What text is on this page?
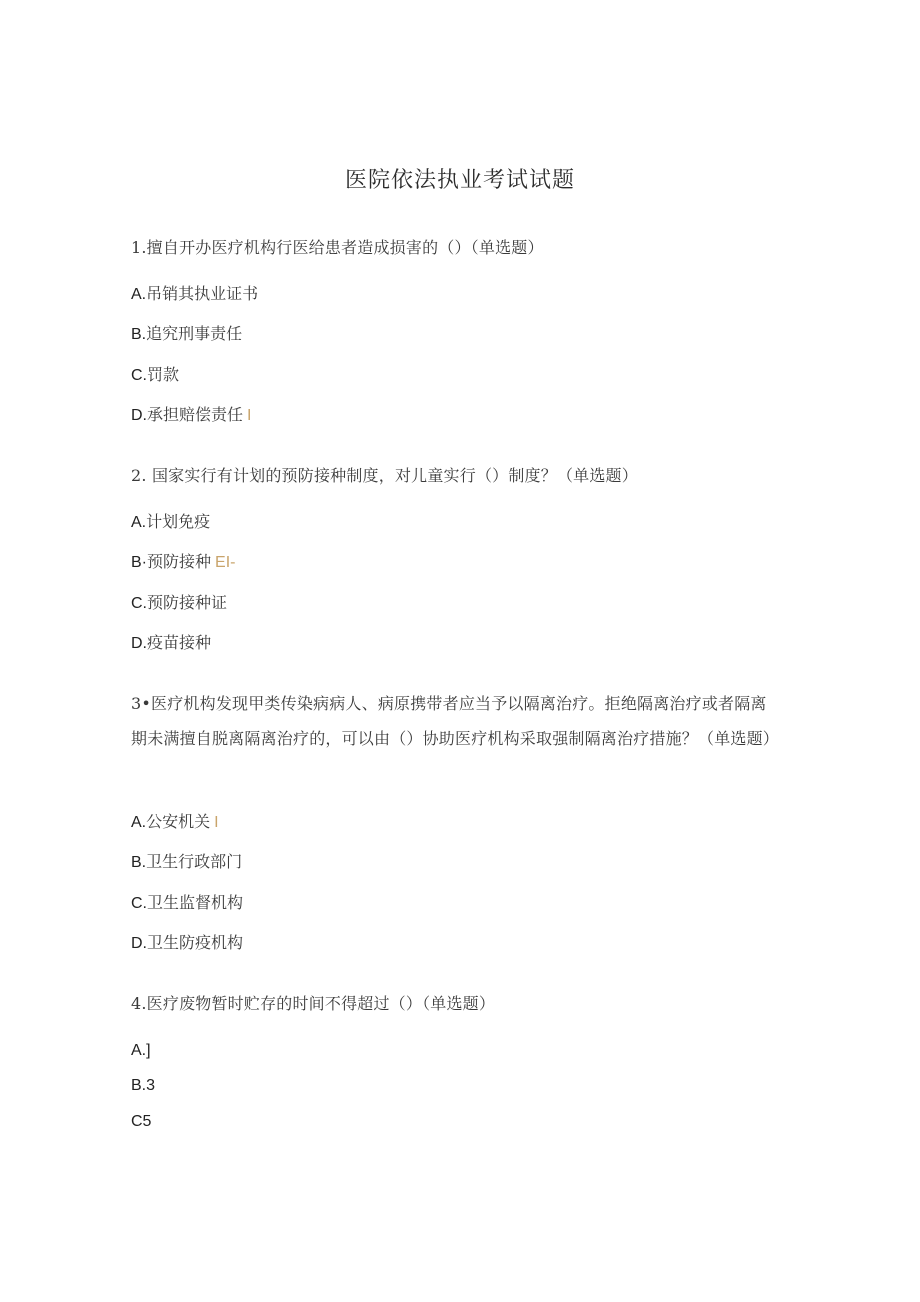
医院依法执业考试试题
1.擅自开办医疗机构行医给患者造成损害的（）（单选题）
A.吊销其执业证书
B.追究刑事责任
C.罚款
D.承担赔偿责任 I
2. 国家实行有计划的预防接种制度，对儿童实行（）制度？（单选题）
A.计划免疫
B·预防接种 EI-
C.预防接种证
D.疫苗接种
3•医疗机构发现甲类传染病病人、病原携带者应当予以隔离治疗。拒绝隔离治疗或者隔离期未满擅自脱离隔离治疗的，可以由（）协助医疗机构采取强制隔离治疗措施？（单选题）
A.公安机关 I
B.卫生行政部门
C.卫生监督机构
D.卫生防疫机构
4.医疗废物暂时贮存的时间不得超过（）（单选题）
A.]
B.3
C5
